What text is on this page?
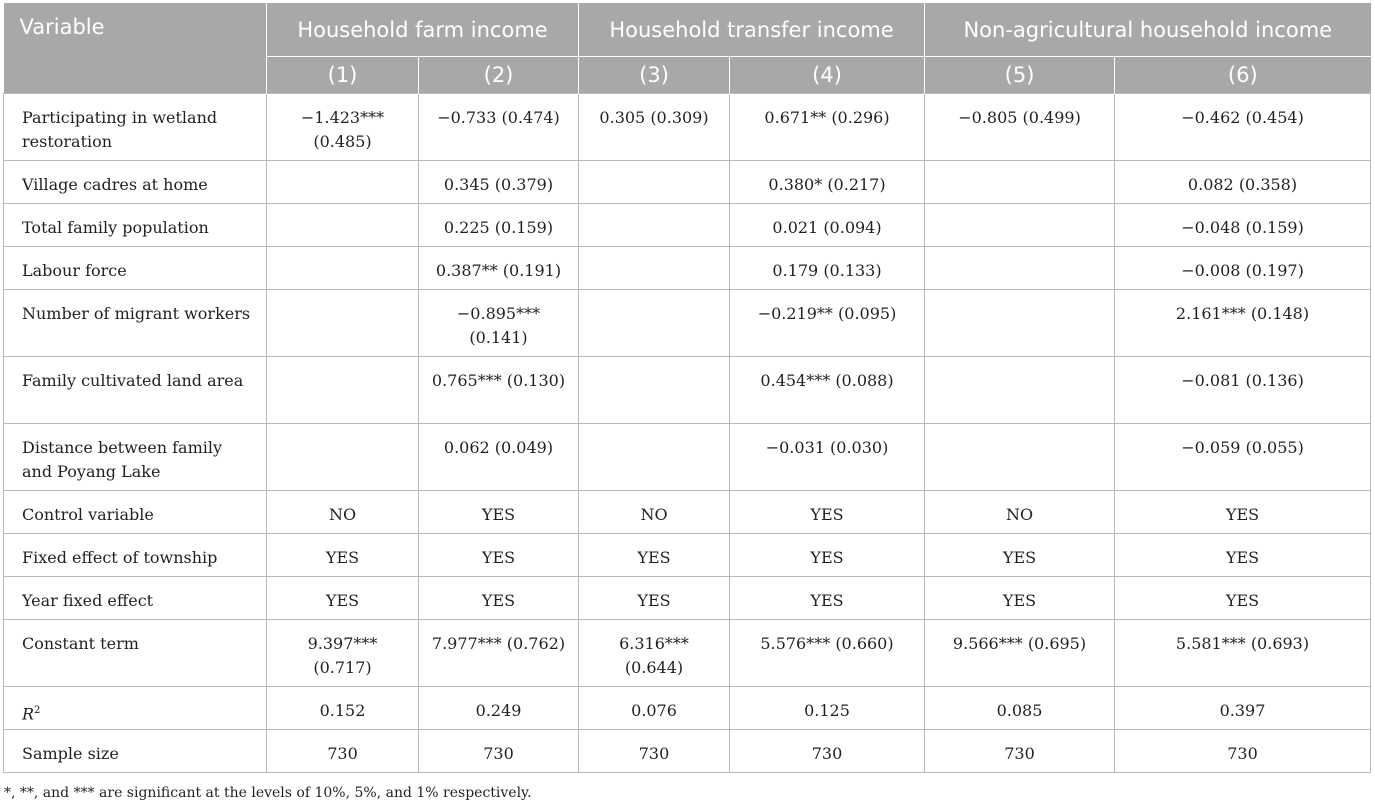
Variable	Household farm income		Household transfer income		Non-agricultural household income	
	(1)	(2)	(3)	(4)	(5)	(6)
Participating in wetland restoration	−1.423*** (0.485)	−0.733 (0.474)	0.305 (0.309)	0.671** (0.296)	−0.805 (0.499)	−0.462 (0.454)
Village cadres at home		0.345 (0.379)		0.380* (0.217)		0.082 (0.358)
Total family population		0.225 (0.159)		0.021 (0.094)		−0.048 (0.159)
Labour force		0.387** (0.191)		0.179 (0.133)		−0.008 (0.197)
Number of migrant workers		−0.895*** (0.141)		−0.219** (0.095)		2.161*** (0.148)
Family cultivated land area		0.765*** (0.130)		0.454*** (0.088)		−0.081 (0.136)
Distance between family and Poyang Lake		0.062 (0.049)		−0.031 (0.030)		−0.059 (0.055)
Control variable	NO	YES	NO	YES	NO	YES
Fixed effect of township	YES	YES	YES	YES	YES	YES
Year fixed effect	YES	YES	YES	YES	YES	YES
Constant term	9.397*** (0.717)	7.977*** (0.762)	6.316*** (0.644)	5.576*** (0.660)	9.566*** (0.695)	5.581*** (0.693)
$R^2$	0.152	0.249	0.076	0.125	0.085	0.397
Sample size	730	730	730	730	730	730
*, **, and *** are significant at the levels of 10%, 5%, and 1% respectively.
